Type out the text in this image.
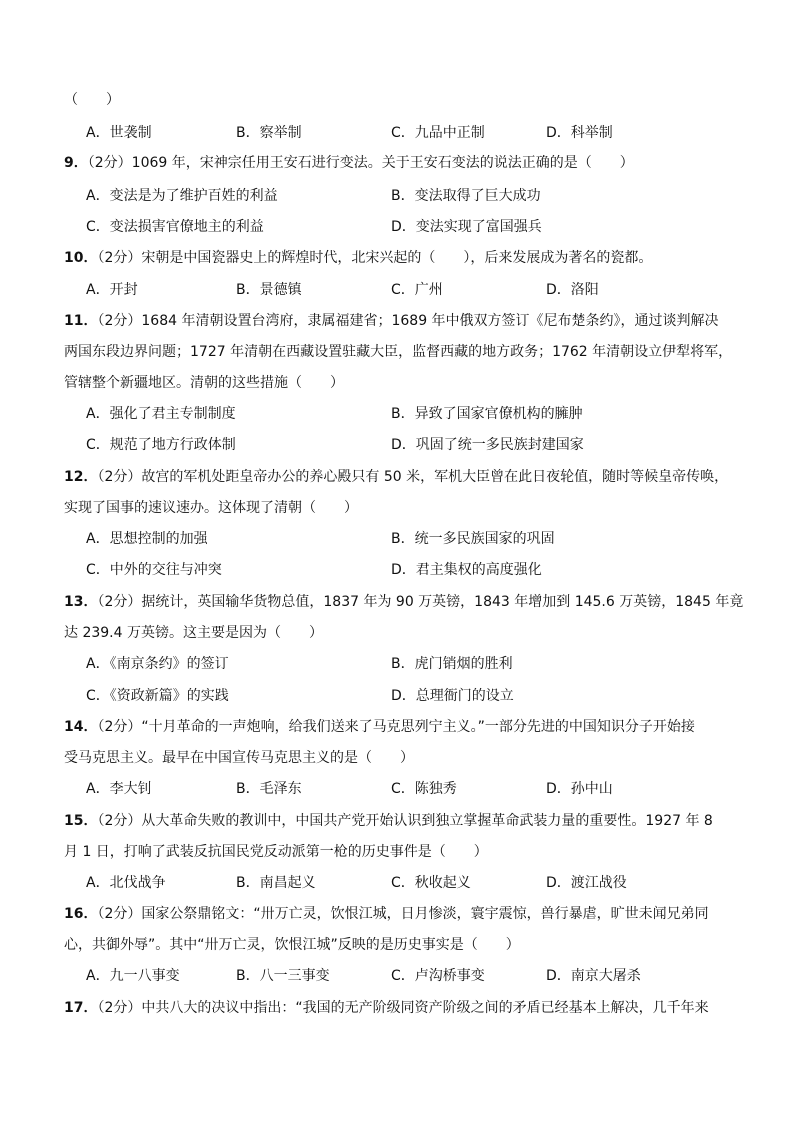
（　　）
A．世袭制	B．察举制	C．九品中正制	D．科举制
9．（2分）1069 年，宋神宗任用王安石进行变法。关于王安石变法的说法正确的是（　　）
A．变法是为了维护百姓的利益	B．变法取得了巨大成功
C．变法损害官僚地主的利益	D．变法实现了富国强兵
10．（2分）宋朝是中国瓷器史上的辉煌时代，北宋兴起的（　　），后来发展成为著名的瓷都。
A．开封	B．景德镇	C．广州	D．洛阳
11．（2分）1684 年清朝设置台湾府，隶属福建省；1689 年中俄双方签订《尼布楚条约》，通过谈判解决
两国东段边界问题；1727 年清朝在西藏设置驻藏大臣，监督西藏的地方政务；1762 年清朝设立伊犁将军，
管辖整个新疆地区。清朝的这些措施（　　）
A．强化了君主专制制度	B．异致了国家官僚机构的臃肿
C．规范了地方行政体制	D．巩固了统一多民族封建国家
12．（2分）故宫的军机处距皇帝办公的养心殿只有 50 米，军机大臣曾在此日夜轮值，随时等候皇帝传唤，
实现了国事的速议速办。这体现了清朝（　　）
A．思想控制的加强	B．统一多民族国家的巩固
C．中外的交往与冲突	D．君主集权的高度强化
13．（2分）据统计，英国输华货物总值，1837 年为 90 万英镑，1843 年增加到 145.6 万英镑，1845 年竟
达 239.4 万英镑。这主要是因为（　　）
A．《南京条约》的签订	B．虎门销烟的胜利
C．《资政新篇》的实践	D．总理衙门的设立
14．（2分）“十月革命的一声炮响，给我们送来了马克思列宁主义。”一部分先进的中国知识分子开始接
受马克思主义。最早在中国宣传马克思主义的是（　　）
A．李大钊	B．毛泽东	C．陈独秀	D．孙中山
15．（2分）从大革命失败的教训中，中国共产党开始认识到独立掌握革命武装力量的重要性。1927 年 8
月 1 日，打响了武装反抗国民党反动派第一枪的历史事件是（　　）
A．北伐战争	B．南昌起义	C．秋收起义	D．渡江战役
16．（2分）国家公祭鼎铭文：“卅万亡灵，饮恨江城，日月惨淡，寰宇震惊，兽行暴虐，旷世未闻兄弟同
心，共御外辱”。其中“卅万亡灵，饮恨江城”反映的是历史事实是（　　）
A．九一八事变	B．八一三事变	C．卢沟桥事变	D．南京大屠杀
17．（2分）中共八大的决议中指出：“我国的无产阶级同资产阶级之间的矛盾已经基本上解决，几千年来
